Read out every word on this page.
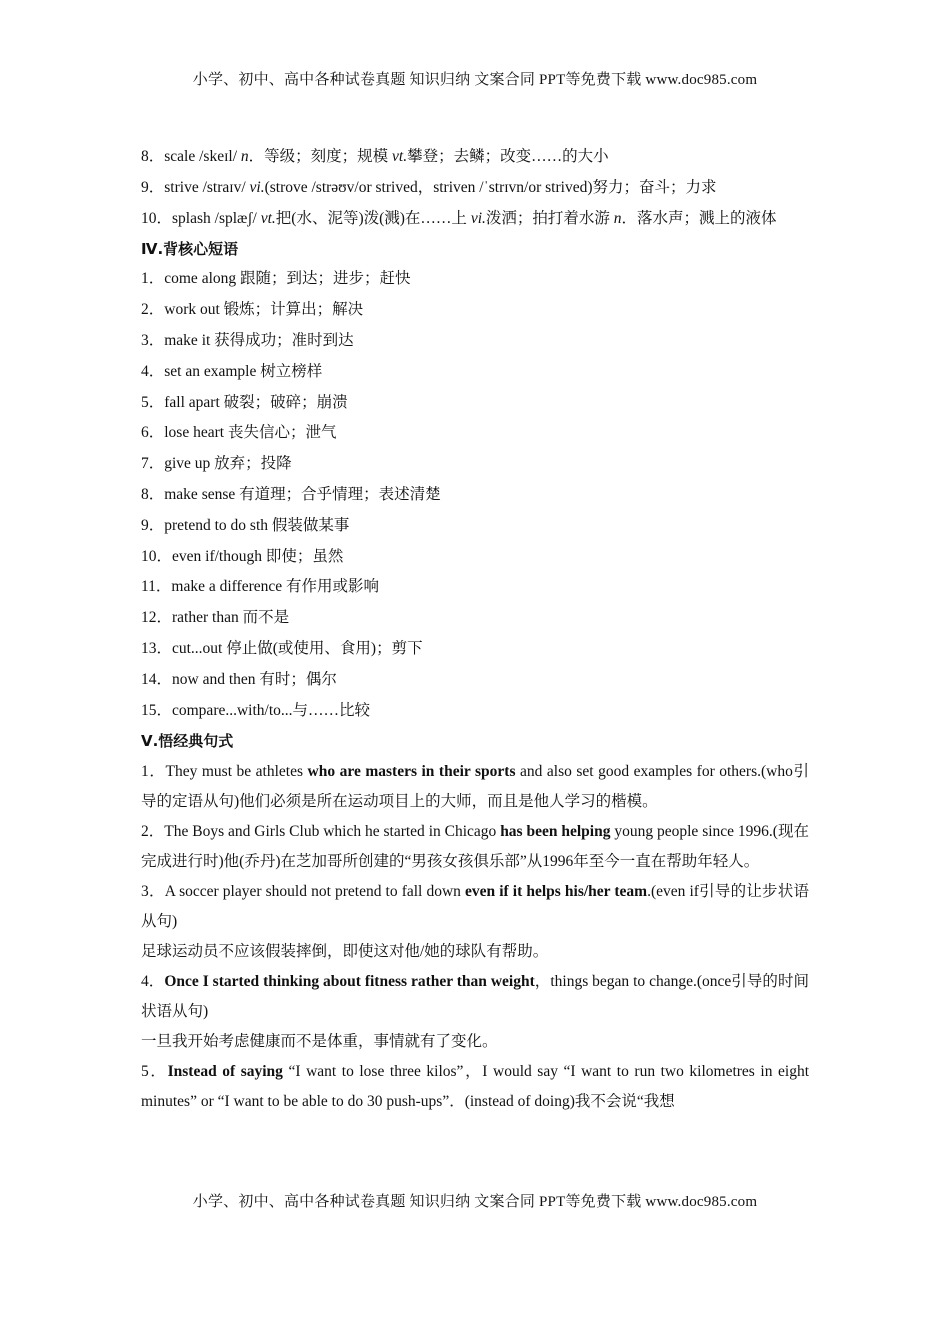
小学、初中、高中各种试卷真题 知识归纳 文案合同 PPT等免费下载 www.doc985.com
8．scale /skeɪl/ n．等级；刻度；规模 vt.攀登；去鳞；改变……的大小
9．strive /straɪv/ vi.(strove /strəʊv/or strived，striven /ˈstrɪvn/or strived)努力；奋斗；力求
10．splash /splæʃ/ vt.把(水、泥等)泼(溅)在……上 vi.泼洒；拍打着水游 n．落水声；溅上的液体
Ⅳ.背核心短语
1．come along 跟随；到达；进步；赶快
2．work out 锻炼；计算出；解决
3．make it 获得成功；准时到达
4．set an example 树立榜样
5．fall apart 破裂；破碎；崩溃
6．lose heart 丧失信心；泄气
7．give up 放弃；投降
8．make sense 有道理；合乎情理；表述清楚
9．pretend to do sth 假装做某事
10．even if/though 即使；虽然
11．make a difference 有作用或影响
12．rather than 而不是
13．cut...out 停止做(或使用、食用)；剪下
14．now and then 有时；偶尔
15．compare...with/to...与……比较
Ⅴ.悟经典句式
1．They must be athletes who are masters in their sports and also set good examples for others.(who引导的定语从句)他们必须是所在运动项目上的大师，而且是他人学习的楷模。
2．The Boys and Girls Club which he started in Chicago has been helping young people since 1996.(现在完成进行时)他(乔丹)在芝加哥所创建的“男孩女孩俱乐部”从1996年至今一直在帮助年轻人。
3．A soccer player should not pretend to fall down even if it helps his/her team.(even if引导的让步状语从句)
足球运动员不应该假装摔倒，即使这对他/她的球队有帮助。
4．Once I started thinking about fitness rather than weight，things began to change.(once引导的时间状语从句)
一旦我开始考虑健康而不是体重，事情就有了变化。
5．Instead of saying “I want to lose three kilos”，I would say “I want to run two kilometres in eight minutes” or “I want to be able to do 30 push-ups”．(instead of doing)我不会说“我想
小学、初中、高中各种试卷真题 知识归纳 文案合同 PPT等免费下载 www.doc985.com
